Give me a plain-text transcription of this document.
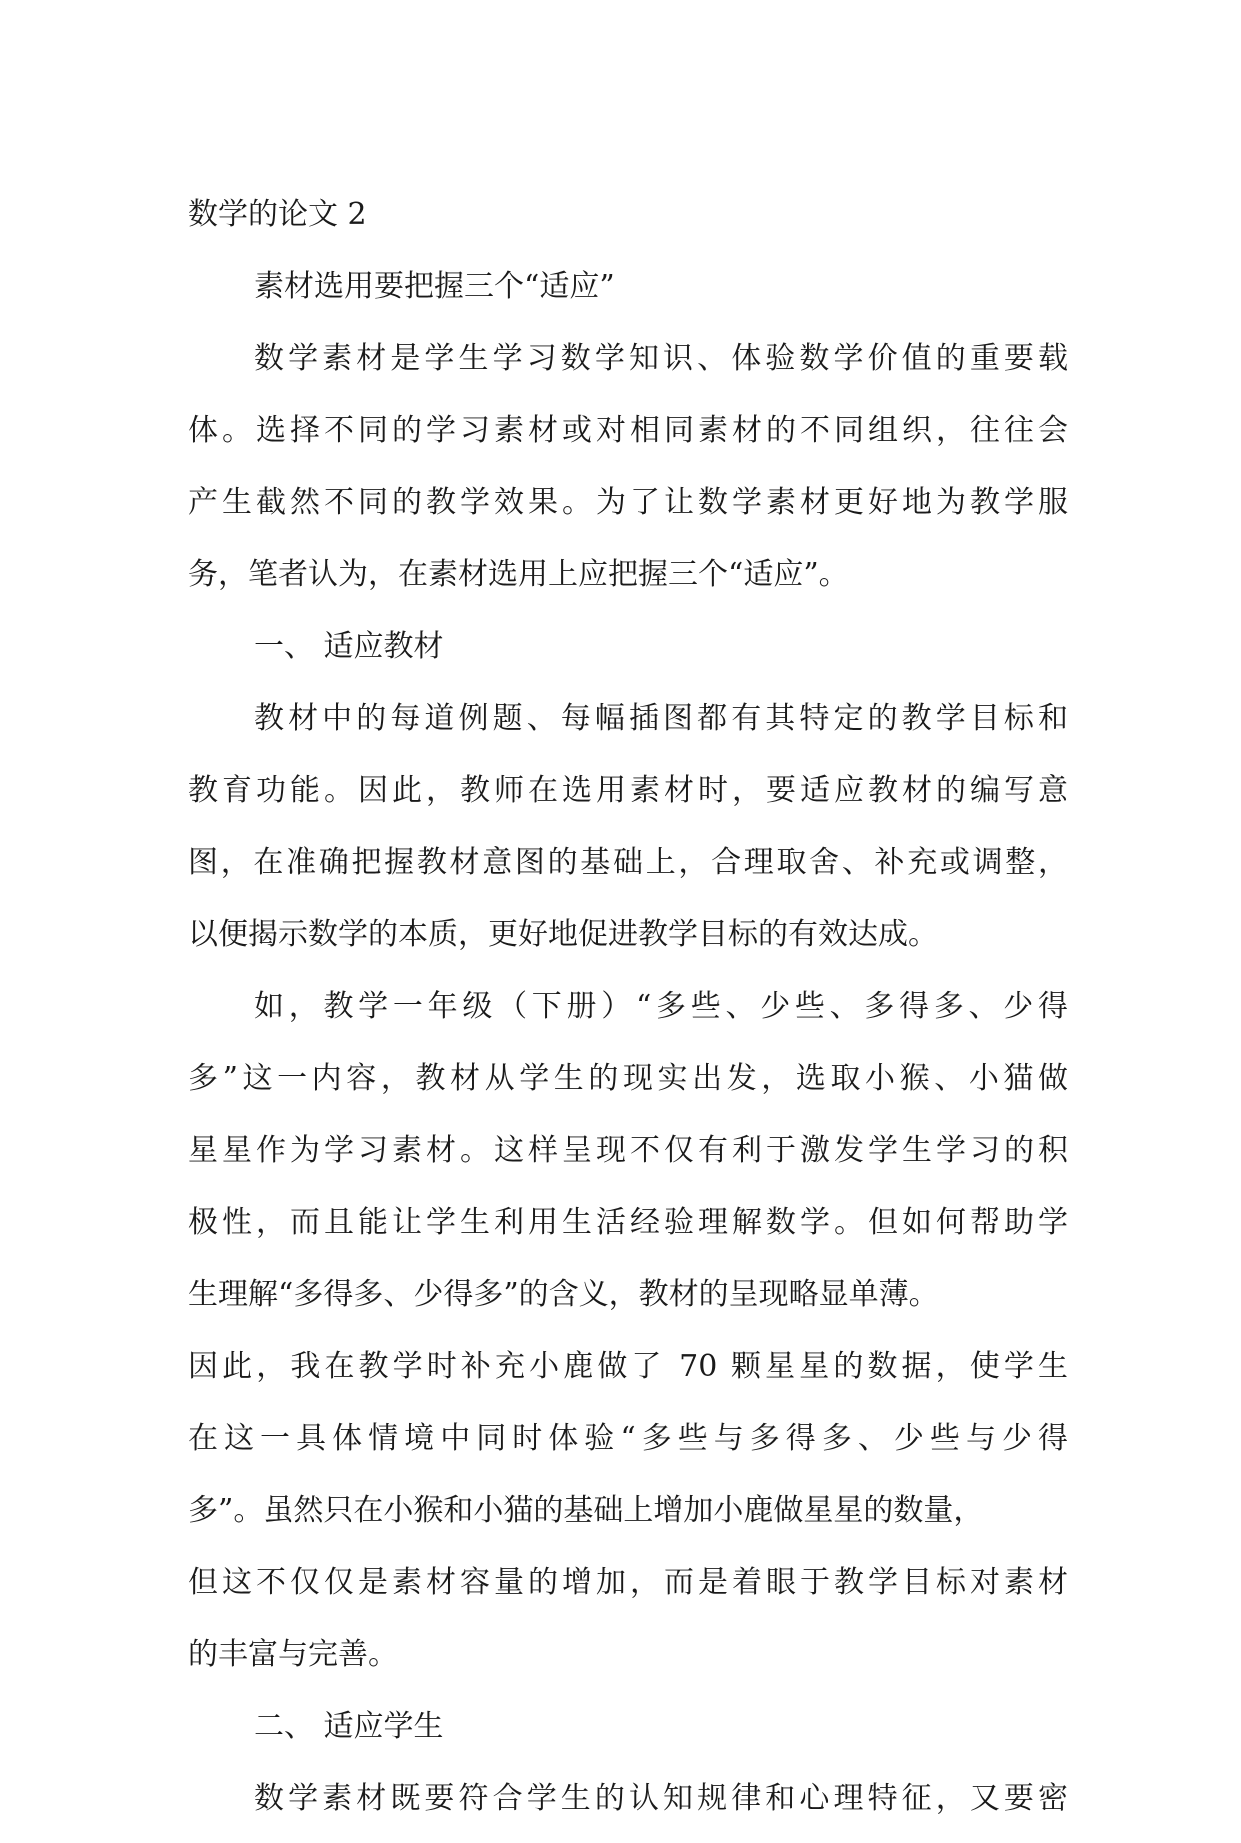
数学的论文 2
素材选用要把握三个“适应”
数学素材是学生学习数学知识、体验数学价值的重要载
体。选择不同的学习素材或对相同素材的不同组织，往往会
产生截然不同的教学效果。为了让数学素材更好地为教学服
务，笔者认为，在素材选用上应把握三个“适应”。
一、 适应教材
教材中的每道例题、每幅插图都有其特定的教学目标和
教育功能。因此，教师在选用素材时，要适应教材的编写意
图，在准确把握教材意图的基础上，合理取舍、补充或调整，
以便揭示数学的本质，更好地促进教学目标的有效达成。
如，教学一年级（下册）“多些、少些、多得多、少得
多”这一内容，教材从学生的现实出发，选取小猴、小猫做
星星作为学习素材。这样呈现不仅有利于激发学生学习的积
极性，而且能让学生利用生活经验理解数学。但如何帮助学
生理解“多得多、少得多”的含义，教材的呈现略显单薄。
因此，我在教学时补充小鹿做了 70 颗星星的数据，使学生
在这一具体情境中同时体验“多些与多得多、少些与少得
多”。虽然只在小猴和小猫的基础上增加小鹿做星星的数量，
但这不仅仅是素材容量的增加，而是着眼于教学目标对素材
的丰富与完善。
二、 适应学生
数学素材既要符合学生的认知规律和心理特征，又要密
